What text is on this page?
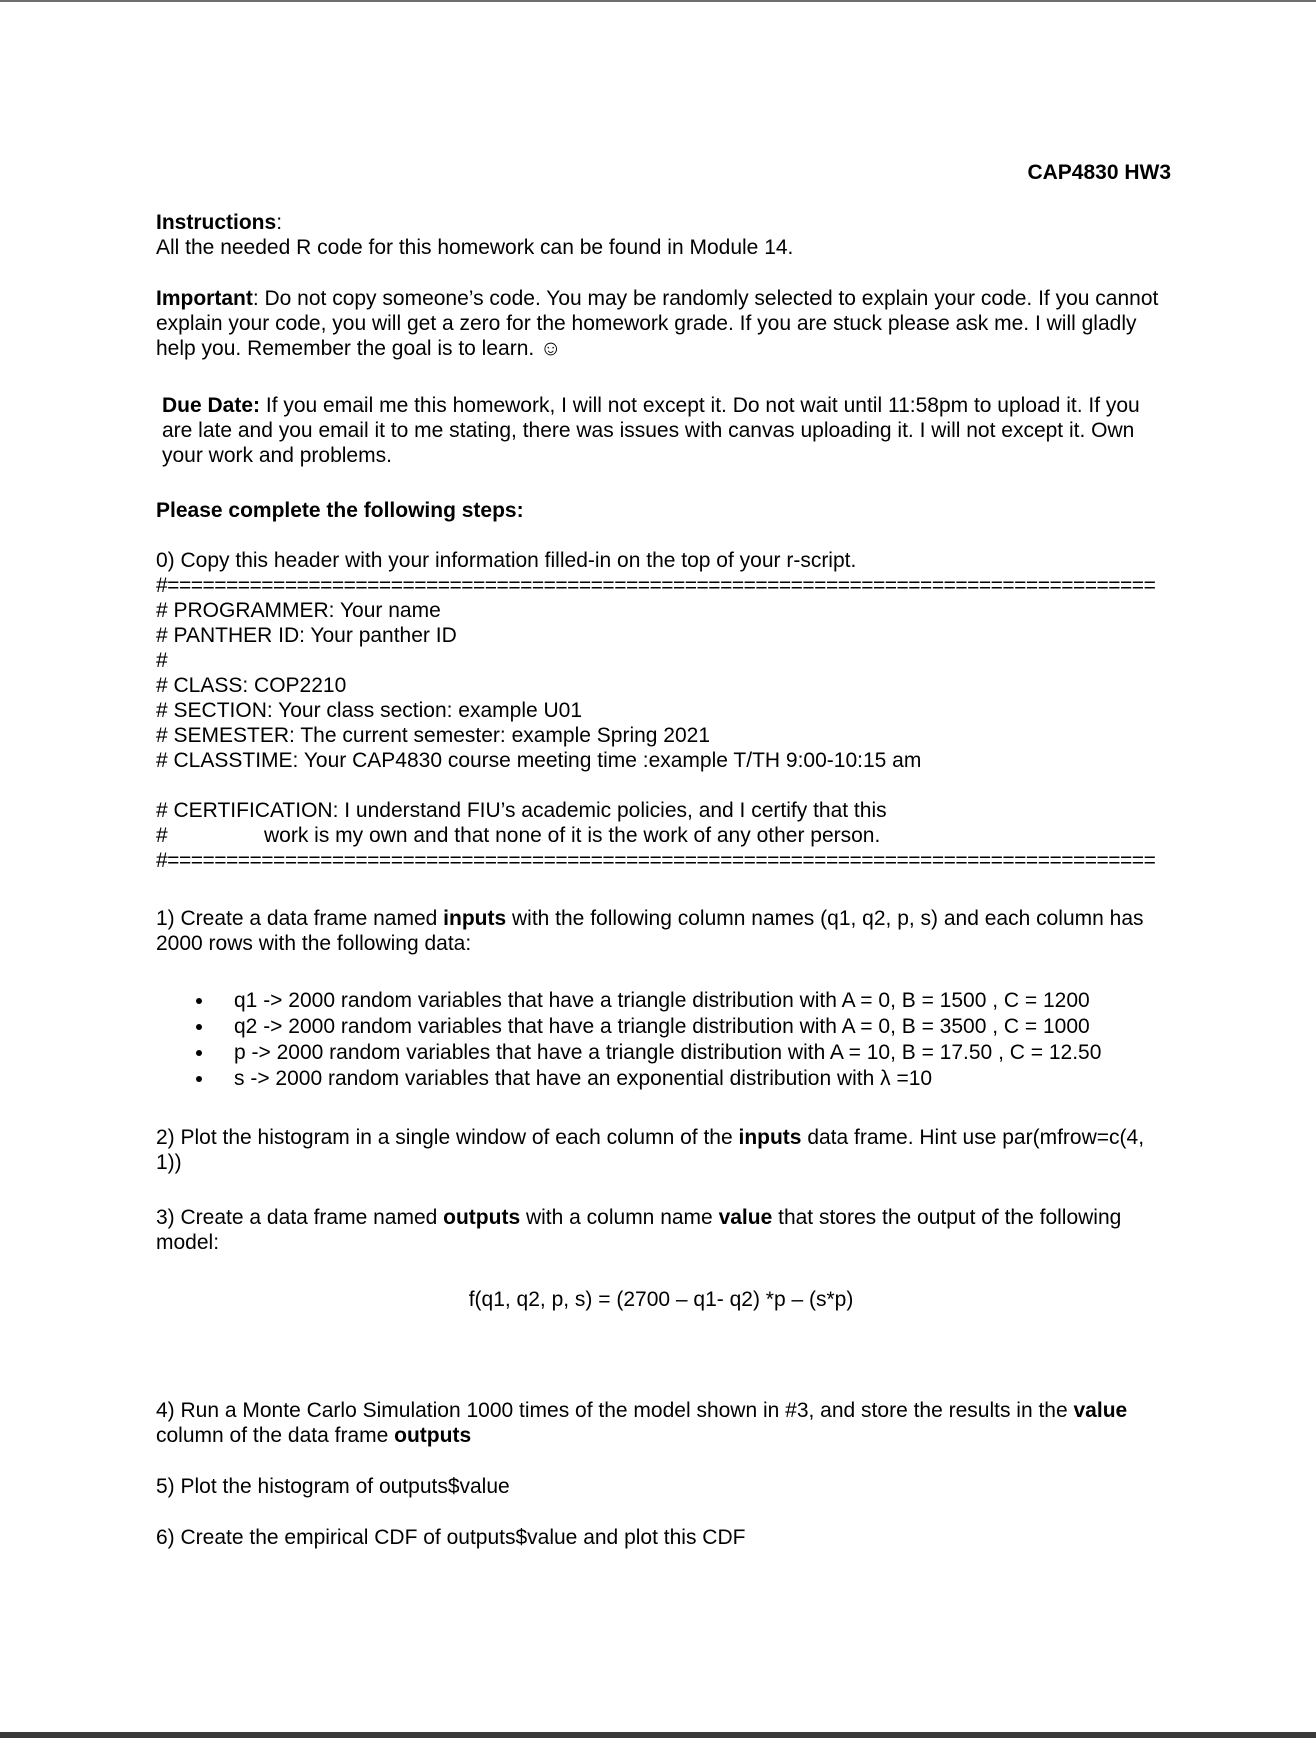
CAP4830 HW3

Instructions:

All the needed R code for this homework can be found in Module 14.

Important: Do not copy someone’s code. You may be randomly selected to explain your code. If you cannot explain your code, you will get a zero for the homework grade. If you are stuck please ask me. I will gladly help you. Remember the goal is to learn. ☺

Due Date: If you email me this homework, I will not except it. Do not wait until 11:58pm to upload it. If you are late and you email it to me stating, there was issues with canvas uploading it. I will not except it. Own your work and problems.

Please complete the following steps:

0) Copy this header with your information filled-in on the top of your r-script.

#====================================================================================

# PROGRAMMER: Your name

# PANTHER ID: Your panther ID

#

# CLASS: COP2210

# SECTION: Your class section: example U01

# SEMESTER: The current semester: example Spring 2021

# CLASSTIME: Your CAP4830 course meeting time :example T/TH 9:00-10:15 am

# CERTIFICATION: I understand FIU’s academic policies, and I certify that this

#	work is my own and that none of it is the work of any other person.

#====================================================================================

1) Create a data frame named inputs with the following column names (q1, q2, p, s) and each column has 2000 rows with the following data:

q1 -> 2000 random variables that have a triangle distribution with A = 0, B = 1500 , C = 1200
q2 -> 2000 random variables that have a triangle distribution with A = 0, B = 3500 , C = 1000
p -> 2000 random variables that have a triangle distribution with A = 10, B = 17.50 , C = 12.50
s -> 2000 random variables that have an exponential distribution with λ =10

2) Plot the histogram in a single window of each column of the inputs data frame. Hint use par(mfrow=c(4, 1))

3) Create a data frame named outputs with a column name value that stores the output of the following model:

f(q1, q2, p, s) = (2700 – q1- q2) *p – (s*p)

4) Run a Monte Carlo Simulation 1000 times of the model shown in #3, and store the results in the value column of the data frame outputs

5) Plot the histogram of outputs$value
6) Create the empirical CDF of outputs$value and plot this CDF
